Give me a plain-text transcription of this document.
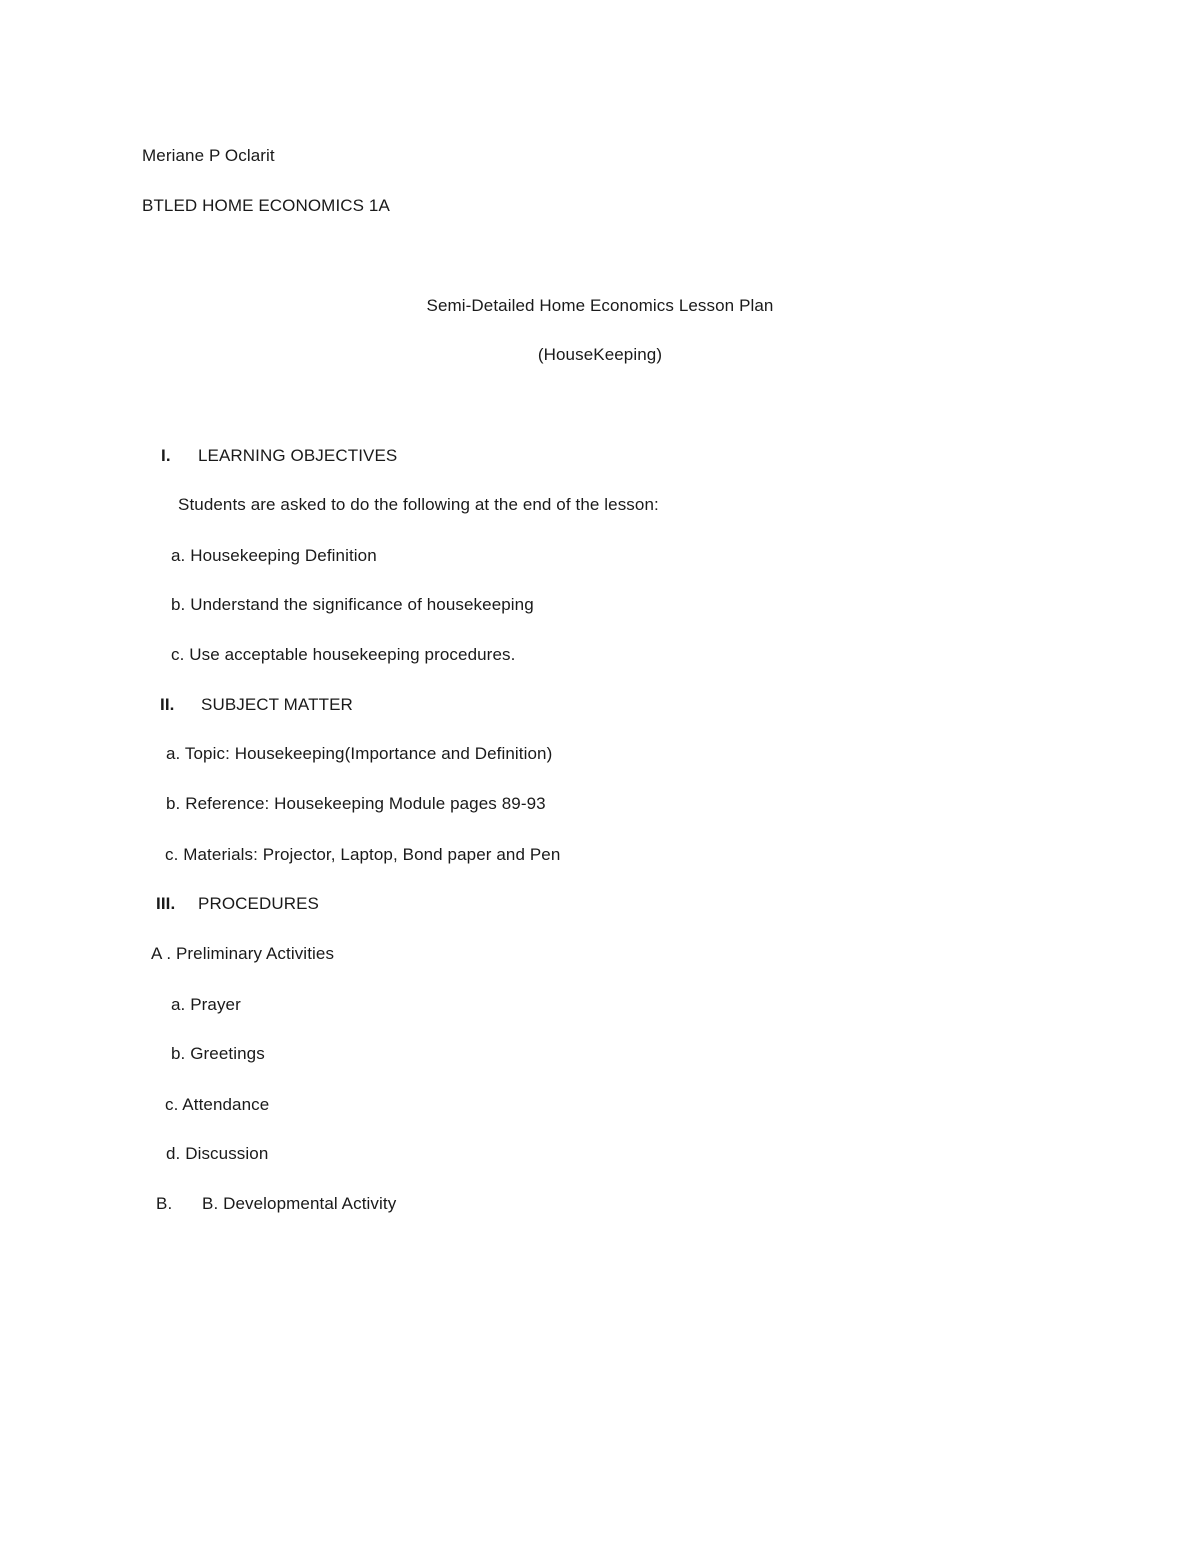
Meriane P Oclarit
BTLED HOME ECONOMICS 1A
Semi-Detailed Home Economics Lesson Plan
(HouseKeeping)
I. LEARNING OBJECTIVES
Students are asked to do the following at the end of the lesson:
a. Housekeeping Definition
b. Understand the significance of housekeeping
c. Use acceptable housekeeping procedures.
II. SUBJECT MATTER
a. Topic: Housekeeping(Importance and Definition)
b. Reference: Housekeeping Module pages 89-93
c. Materials: Projector, Laptop, Bond paper and Pen
III. PROCEDURES
A . Preliminary Activities
a. Prayer
b. Greetings
c. Attendance
d. Discussion
B. B. Developmental Activity
